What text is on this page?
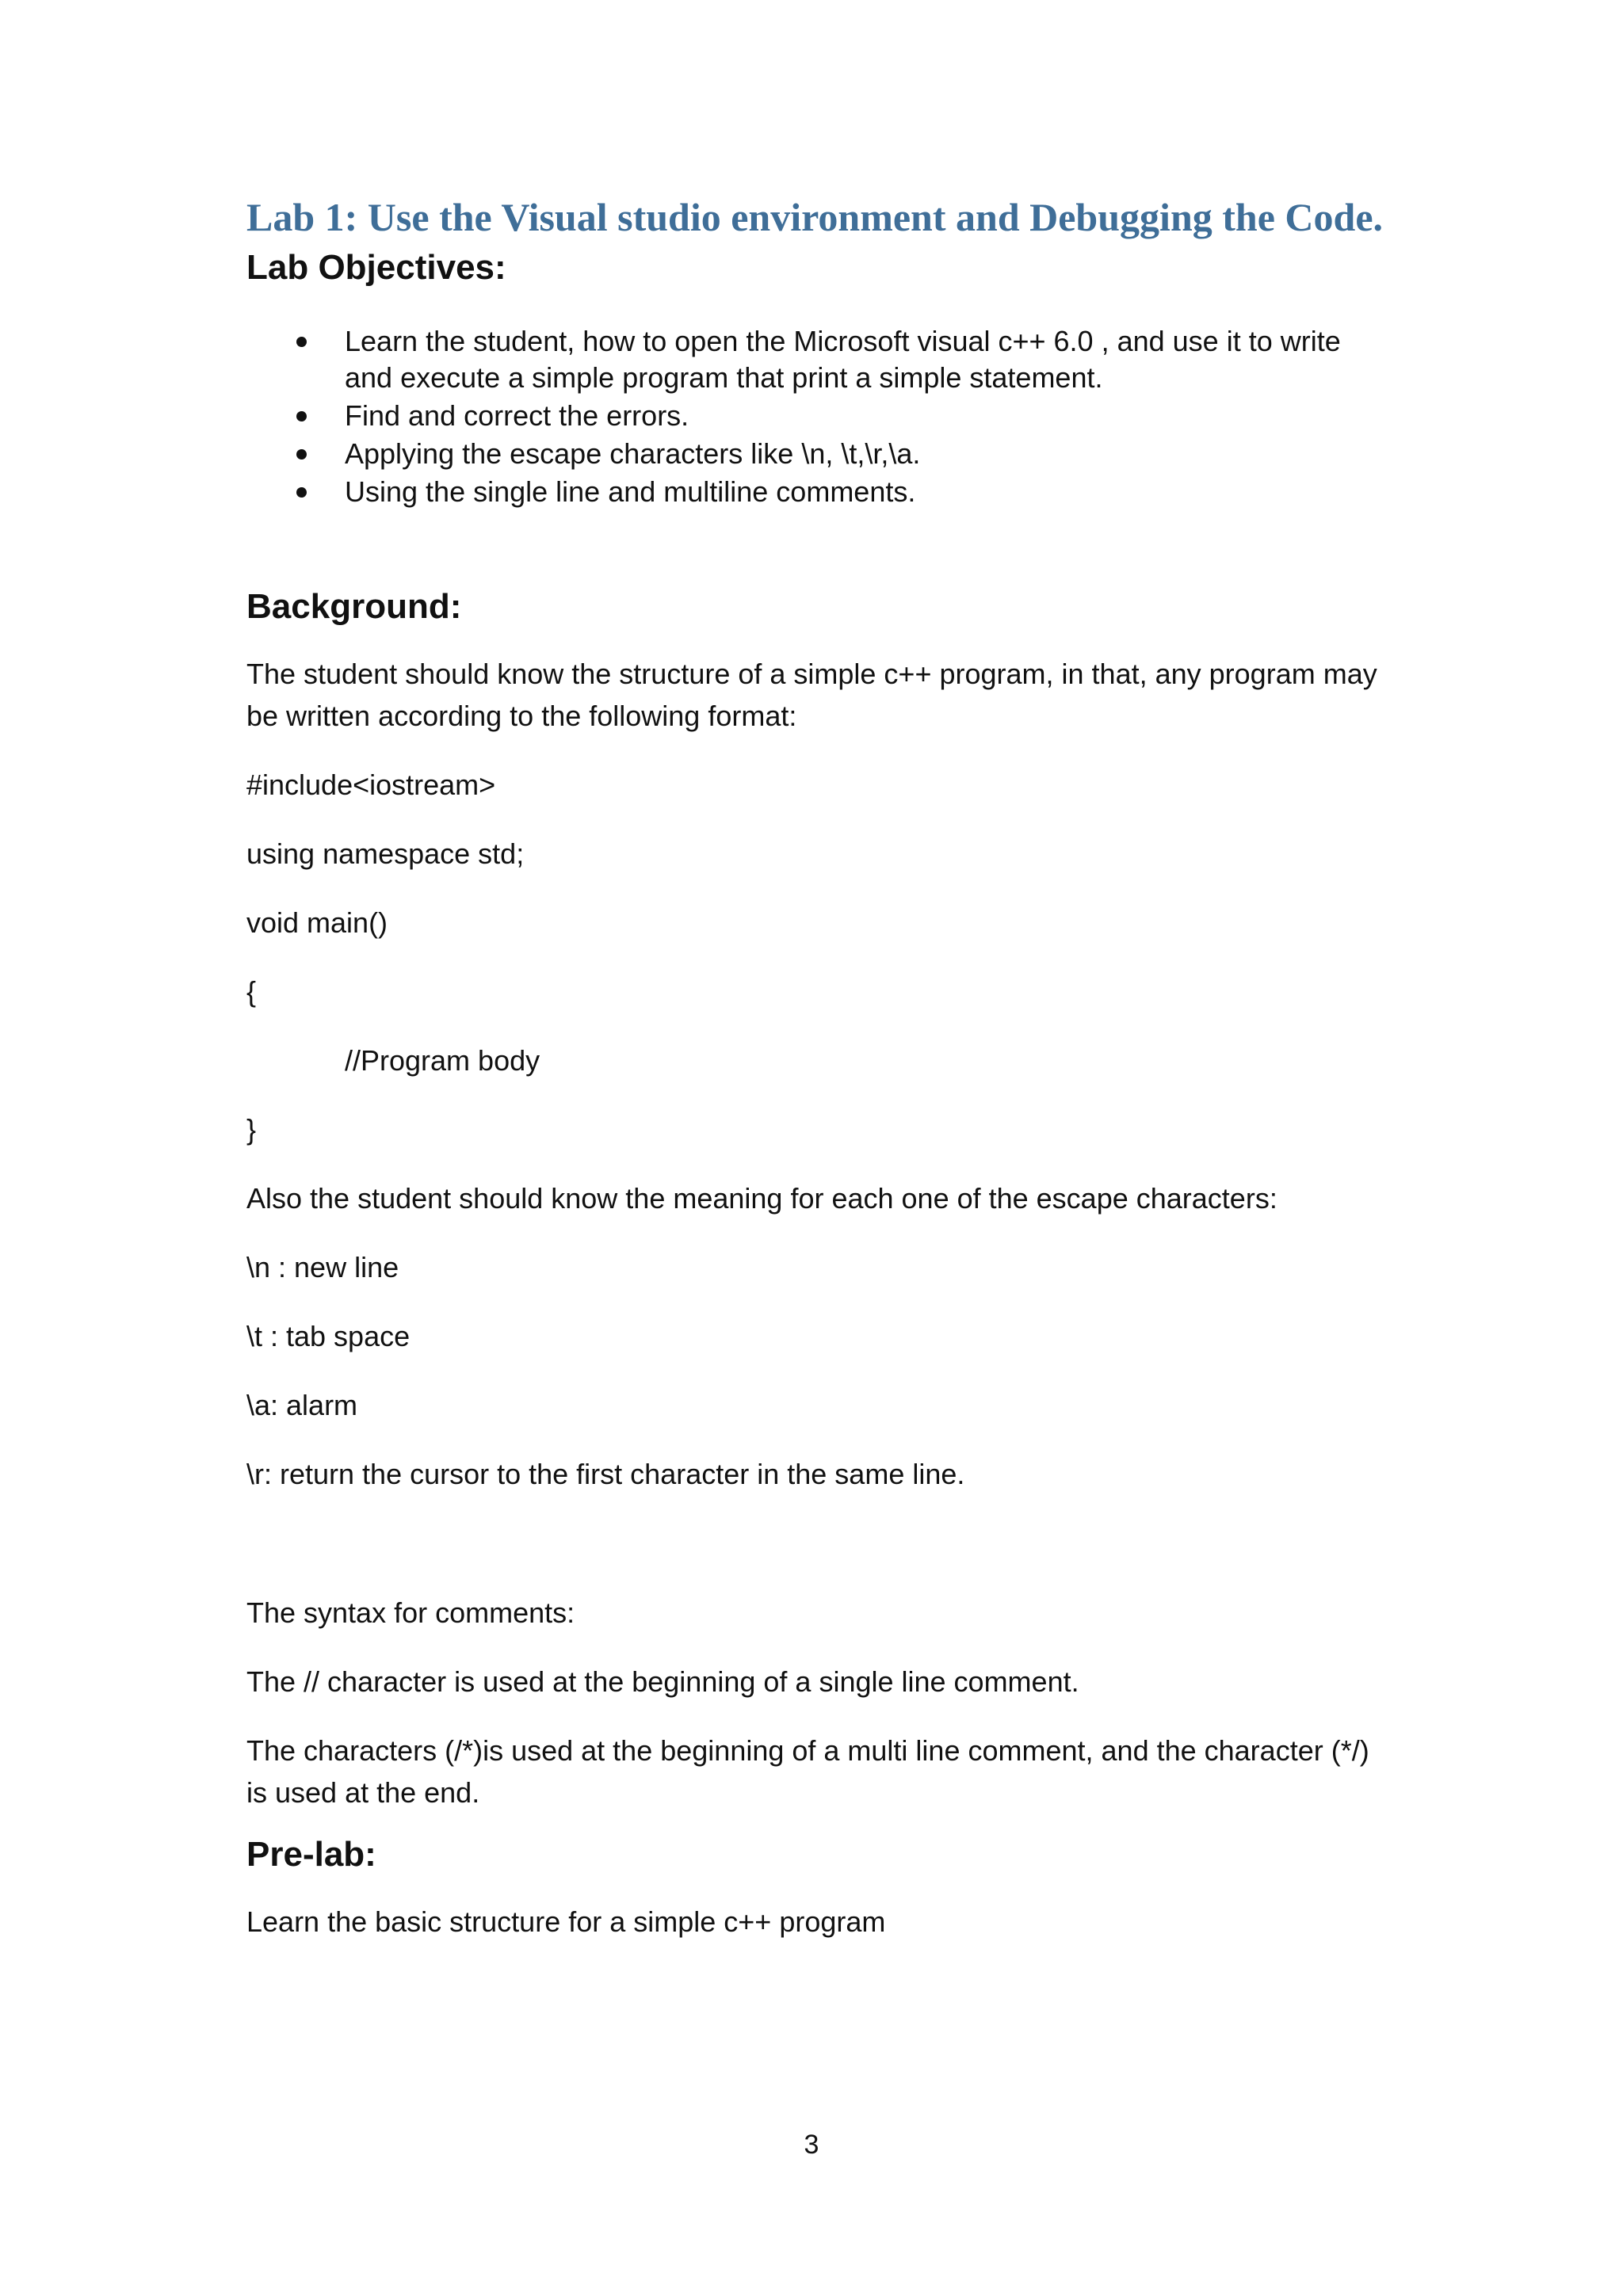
Lab 1: Use the Visual studio environment and Debugging the Code.
Lab Objectives:
Learn the student, how to open the Microsoft visual c++ 6.0 , and use it to write and execute a simple program that print a simple statement.
Find and correct the errors.
Applying the escape characters like \n, \t,\r,\a.
Using the single line and multiline comments.
Background:

The student should know the structure of a simple c++ program, in that, any program may be written according to the following format:

#include<iostream>

using namespace std;

void main()

{

//Program body

}

Also the student should know the meaning for each one of the escape characters:

\n : new line

\t : tab space

\a: alarm

\r: return the cursor to the first character in the same line.

The syntax for comments:

The // character is used at the beginning of a single line comment.

The characters (/*)is used at the beginning of a multi line comment, and the character (*/) is used at the end.

Pre-lab:

Learn the basic structure for a simple c++ program

3
